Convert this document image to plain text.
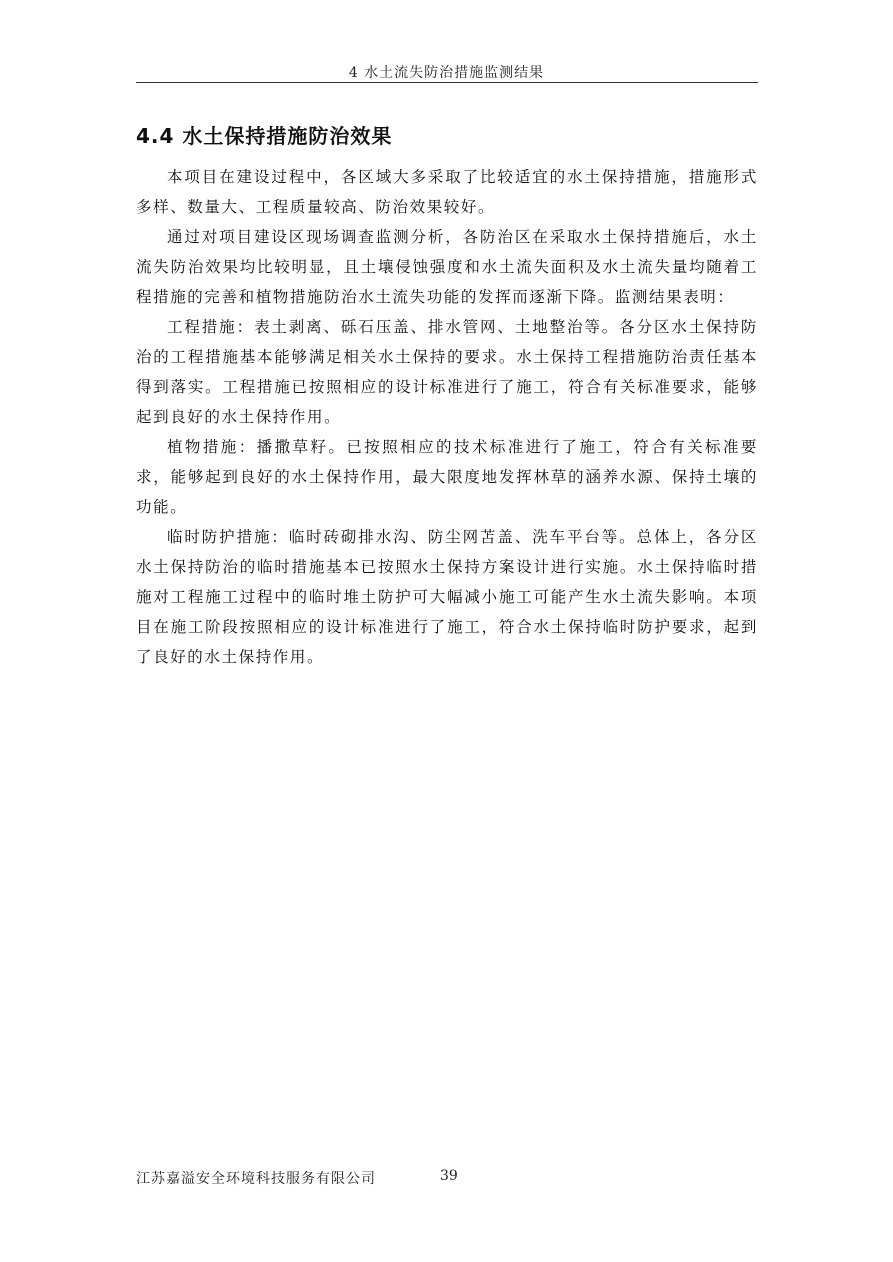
4 水土流失防治措施监测结果
4.4 水土保持措施防治效果

本项目在建设过程中，各区域大多采取了比较适宜的水土保持措施，措施形式多样、数量大、工程质量较高、防治效果较好。

通过对项目建设区现场调查监测分析，各防治区在采取水土保持措施后，水土流失防治效果均比较明显，且土壤侵蚀强度和水土流失面积及水土流失量均随着工程措施的完善和植物措施防治水土流失功能的发挥而逐渐下降。监测结果表明：

工程措施：表土剥离、砾石压盖、排水管网、土地整治等。各分区水土保持防治的工程措施基本能够满足相关水土保持的要求。水土保持工程措施防治责任基本得到落实。工程措施已按照相应的设计标准进行了施工，符合有关标准要求，能够起到良好的水土保持作用。

植物措施：播撒草籽。已按照相应的技术标准进行了施工，符合有关标准要求，能够起到良好的水土保持作用，最大限度地发挥林草的涵养水源、保持土壤的功能。

临时防护措施：临时砖砌排水沟、防尘网苫盖、洗车平台等。总体上，各分区水土保持防治的临时措施基本已按照水土保持方案设计进行实施。水土保持临时措施对工程施工过程中的临时堆土防护可大幅减小施工可能产生水土流失影响。本项目在施工阶段按照相应的设计标准进行了施工，符合水土保持临时防护要求，起到了良好的水土保持作用。

江苏嘉溢安全环境科技服务有限公司	39
